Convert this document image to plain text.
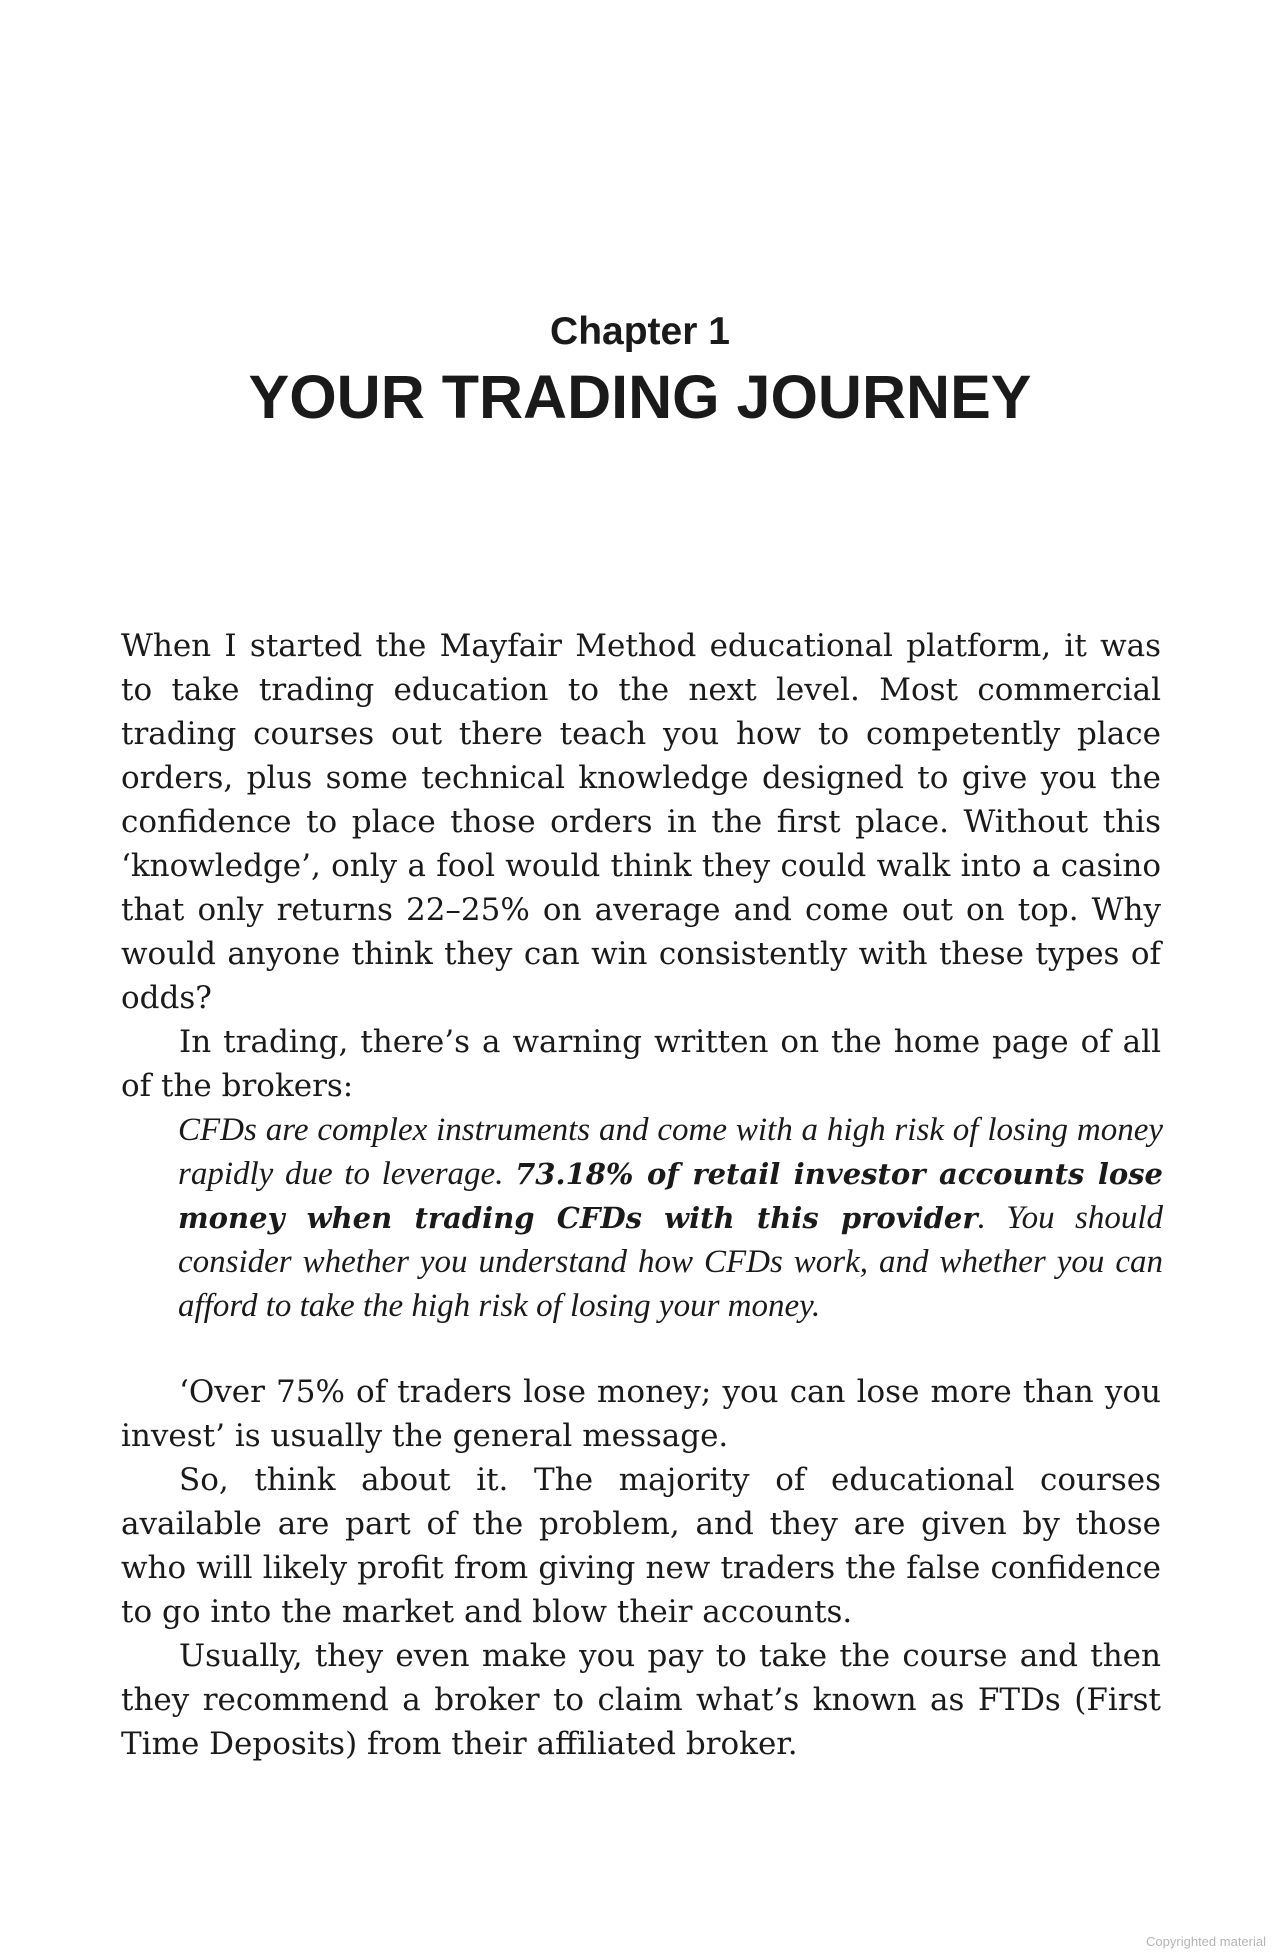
Chapter 1
YOUR TRADING JOURNEY

When I started the Mayfair Method educational platform, it was to take trading education to the next level. Most commercial trading courses out there teach you how to competently place orders, plus some technical knowledge designed to give you the confidence to place those orders in the first place. Without this ‘knowledge’, only a fool would think they could walk into a casino that only returns 22–25% on average and come out on top. Why would anyone think they can win consistently with these types of odds?

In trading, there’s a warning written on the home page of all of the brokers:

CFDs are complex instruments and come with a high risk of losing money rapidly due to leverage. 73.18% of retail investor accounts lose money when trading CFDs with this provider. You should consider whether you understand how CFDs work, and whether you can afford to take the high risk of losing your money.

‘Over 75% of traders lose money; you can lose more than you invest’ is usually the general message.

So, think about it. The majority of educational courses available are part of the problem, and they are given by those who will likely profit from giving new traders the false confidence to go into the market and blow their accounts.

Usually, they even make you pay to take the course and then they recommend a broker to claim what’s known as FTDs (First Time Deposits) from their affiliated broker.

Copyrighted material
